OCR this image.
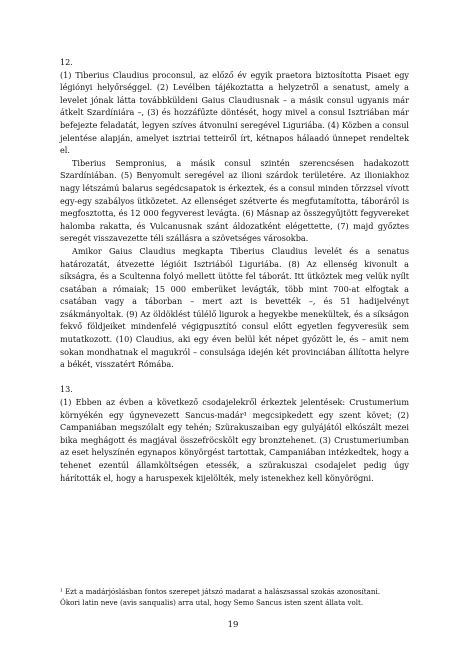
12.

(1) Tiberius Claudius proconsul, az előző év egyik praetora biztosította Pisaet egy légiónyi helyőrséggel. (2) Levélben tájékoztatta a helyzetről a senatust, amely a levelet jónak látta továbbküldeni Gaius Claudiusnak – a másik consul ugyanis már átkelt Szardíniára –, (3) és hozzáfűzte döntését, hogy mivel a consul Isztriában már befejezte feladatát, legyen szíves átvonulni seregével Liguriába. (4) Közben a consul jelentése alapján, amelyet isztriai tetteiről írt, kétnapos hálaadó ünnepet rendeltek el.

Tiberius Sempronius, a másik consul szintén szerencsésen hadakozott Szardíniában. (5) Benyomult seregével az ilioni szárdok területére. Az ilioniakhoz nagy létszámú balarus segédcsapatok is érkeztek, és a consul minden tőrzzsel vívott egy-egy szabályos ütközetet. Az ellenséget szétverte és megfutamította, táboráról is megfosztotta, és 12 000 fegyverest levágta. (6) Másnap az összegyűjtött fegyvereket halomba rakatta, és Vulcanusnak szánt áldozatként elégettette, (7) majd győztes seregét visszavezette téli szállásra a szövetséges városokba.

Amikor Gaius Claudius megkapta Tiberius Claudius levelét és a senatus határozatát, átvezette légióit Isztriából Liguriába. (8) Az ellenség kivonult a síkságra, és a Scultenna folyó mellett ütötte fel táborát. Itt ütköztek meg velük nyílt csatában a rómaiak; 15 000 emberüket levágták, több mint 700-at elfogtak a csatában vagy a táborban – mert azt is bevették –, és 51 hadijelvényt zsákmányoltak. (9) Az öldöklést túlélő ligurok a hegyekbe menekültek, és a síkságon fekvő földjeiket mindenfelé végigpusztító consul előtt egyetlen fegyveresük sem mutatkozott. (10) Claudius, aki egy éven belül két népet győzött le, és – amit nem sokan mondhatnak el magukról – consulsága idején két provinciában állította helyre a békét, visszatért Rómába.

13.

(1) Ebben az évben a következő csodajelekről érkeztek jelentések: Crustumerium környékén egy úgynevezett Sancus-madár¹ megcsipkedett egy szent követ; (2) Campaniában megszólalt egy tehén; Szürakuszaiban egy gulyájától elkószált mezei bika meghágott és magjával összefröcskölt egy bronztehenet. (3) Crustumeriumban az eset helyszínén egynapos könyörgést tartottak, Campaniában intézkedtek, hogy a tehenet ezentúl államköltségen etessék, a szürakuszai csodajelet pedig úgy hárították el, hogy a haruspexek kijelölték, mely istenekhez kell könyörögni.

¹ Ezt a madárjóslásban fontos szerepet játszó madarat a halászsassal szokás azonosítani.
Ókori latin neve (avis sanqualis) arra utal, hogy Semo Sancus isten szent állata volt.
19
